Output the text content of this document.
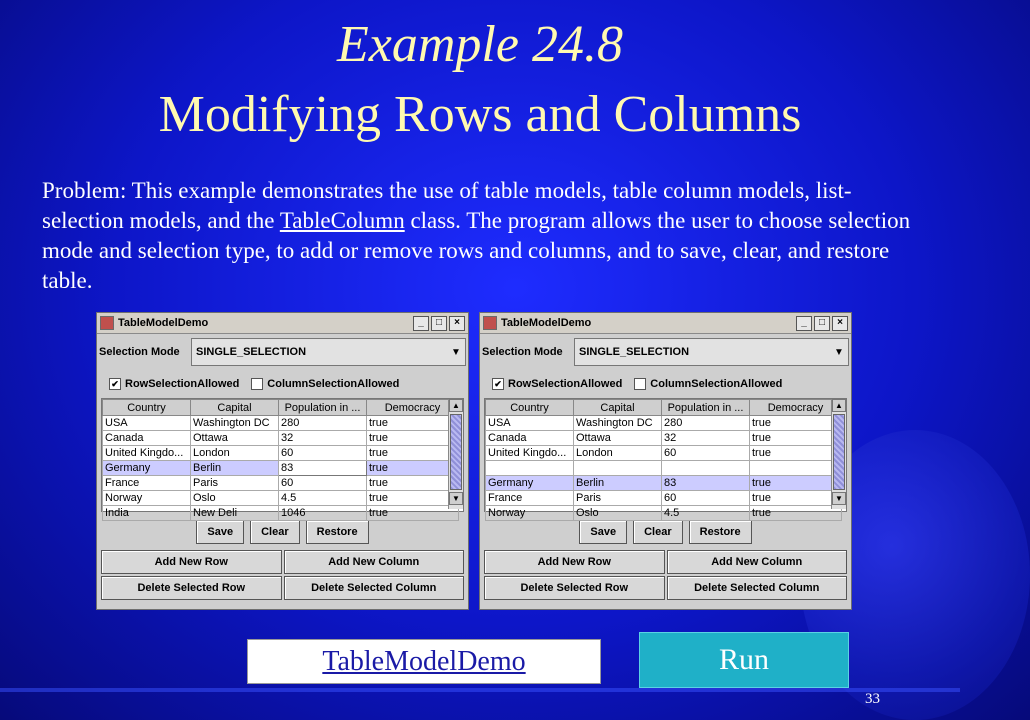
Example 24.8
Modifying Rows and Columns
Problem: This example demonstrates the use of table models, table column models, list-selection models, and the TableColumn class. The program allows the user to choose selection mode and selection type, to add or remove rows and columns, and to save, clear, and restore table.
TableModelDemo	_	□	×
Selection Mode	SINGLE_SELECTION	▼
✔ RowSelectionAllowed	ColumnSelectionAllowed
Country	Capital	Population in ...	Democracy
USA	Washington DC	280	true
Canada	Ottawa	32	true
United Kingdo...	London	60	true
Germany	Berlin	83	true
France	Paris	60	true
Norway	Oslo	4.5	true
India	New Deli	1046	true
▲
▼
Save	Clear	Restore
Add New Row	Add New Column
Delete Selected Row	Delete Selected Column
TableModelDemo	_	□	×
Selection Mode	SINGLE_SELECTION	▼
✔ RowSelectionAllowed	ColumnSelectionAllowed
Country	Capital	Population in ...	Democracy
USA	Washington DC	280	true
Canada	Ottawa	32	true
United Kingdo...	London	60	true

Germany	Berlin	83	true
France	Paris	60	true
Norway	Oslo	4.5	true
▲
▼
Save	Clear	Restore
Add New Row	Add New Column
Delete Selected Row	Delete Selected Column
TableModelDemo	Run
33
